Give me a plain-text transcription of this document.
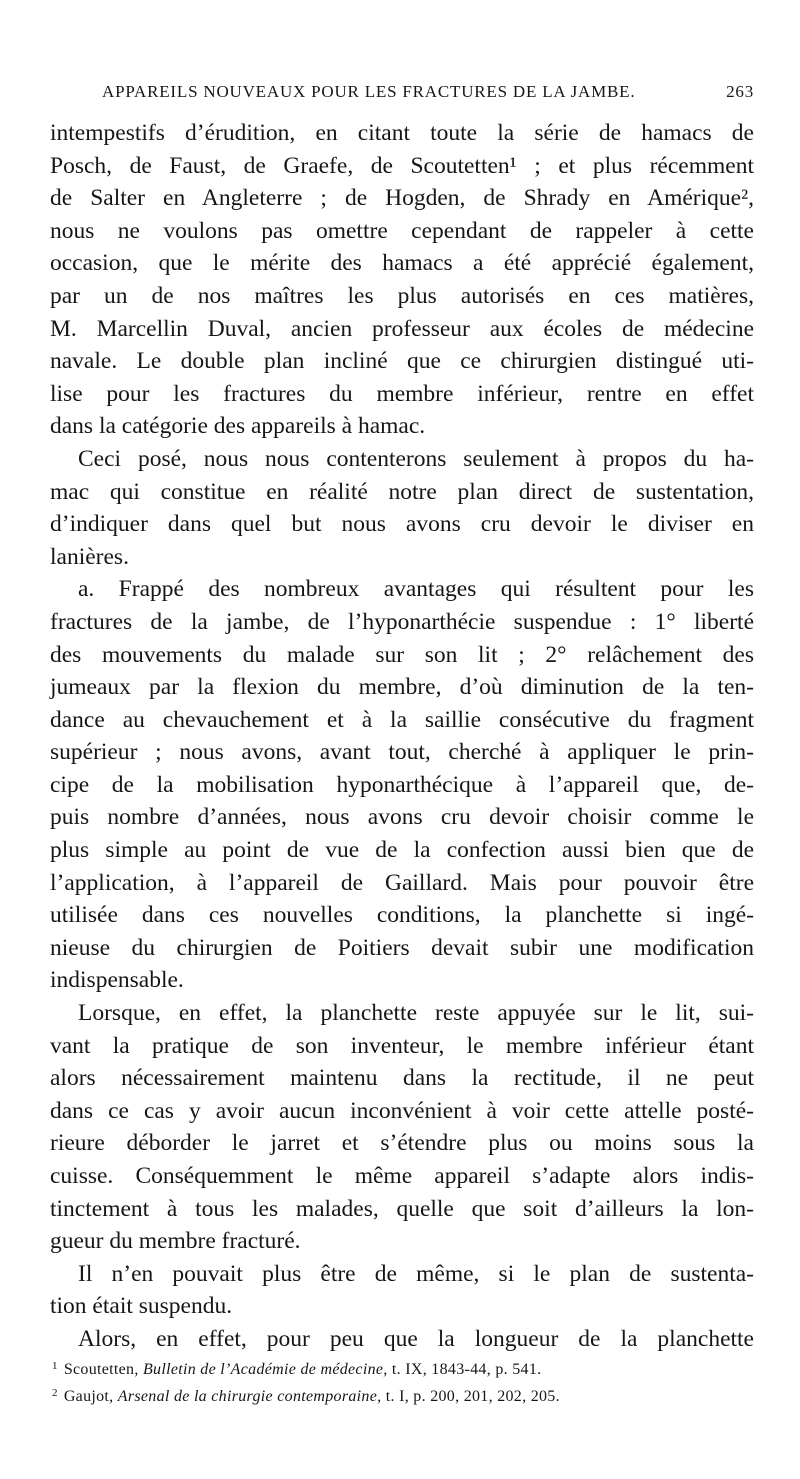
APPAREILS NOUVEAUX POUR LES FRACTURES DE LA JAMBE.	263
intempestifs d’érudition, en citant toute la série de hamacs de
Posch, de Faust, de Graefe, de Scoutetten¹ ; et plus récemment
de Salter en Angleterre ; de Hogden, de Shrady en Amérique²,
nous ne voulons pas omettre cependant de rappeler à cette
occasion, que le mérite des hamacs a été apprécié également,
par un de nos maîtres les plus autorisés en ces matières,
M. Marcellin Duval, ancien professeur aux écoles de médecine
navale. Le double plan incliné que ce chirurgien distingué uti-
lise pour les fractures du membre inférieur, rentre en effet
dans la catégorie des appareils à hamac.
Ceci posé, nous nous contenterons seulement à propos du ha-
mac qui constitue en réalité notre plan direct de sustentation,
d’indiquer dans quel but nous avons cru devoir le diviser en
lanières.
a. Frappé des nombreux avantages qui résultent pour les
fractures de la jambe, de l’hyponarthécie suspendue : 1° liberté
des mouvements du malade sur son lit ; 2° relâchement des
jumeaux par la flexion du membre, d’où diminution de la ten-
dance au chevauchement et à la saillie consécutive du fragment
supérieur ; nous avons, avant tout, cherché à appliquer le prin-
cipe de la mobilisation hyponarthécique à l’appareil que, de-
puis nombre d’années, nous avons cru devoir choisir comme le
plus simple au point de vue de la confection aussi bien que de
l’application, à l’appareil de Gaillard. Mais pour pouvoir être
utilisée dans ces nouvelles conditions, la planchette si ingé-
nieuse du chirurgien de Poitiers devait subir une modification
indispensable.
Lorsque, en effet, la planchette reste appuyée sur le lit, sui-
vant la pratique de son inventeur, le membre inférieur étant
alors nécessairement maintenu dans la rectitude, il ne peut
dans ce cas y avoir aucun inconvénient à voir cette attelle posté-
rieure déborder le jarret et s’étendre plus ou moins sous la
cuisse. Conséquemment le même appareil s’adapte alors indis-
tinctement à tous les malades, quelle que soit d’ailleurs la lon-
gueur du membre fracturé.
Il n’en pouvait plus être de même, si le plan de sustenta-
tion était suspendu.
Alors, en effet, pour peu que la longueur de la planchette
$^1$ Scoutetten, Bulletin de l’Académie de médecine, t. IX, 1843-44, p. 541.
$^2$ Gaujot, Arsenal de la chirurgie contemporaine, t. I, p. 200, 201, 202, 205.
